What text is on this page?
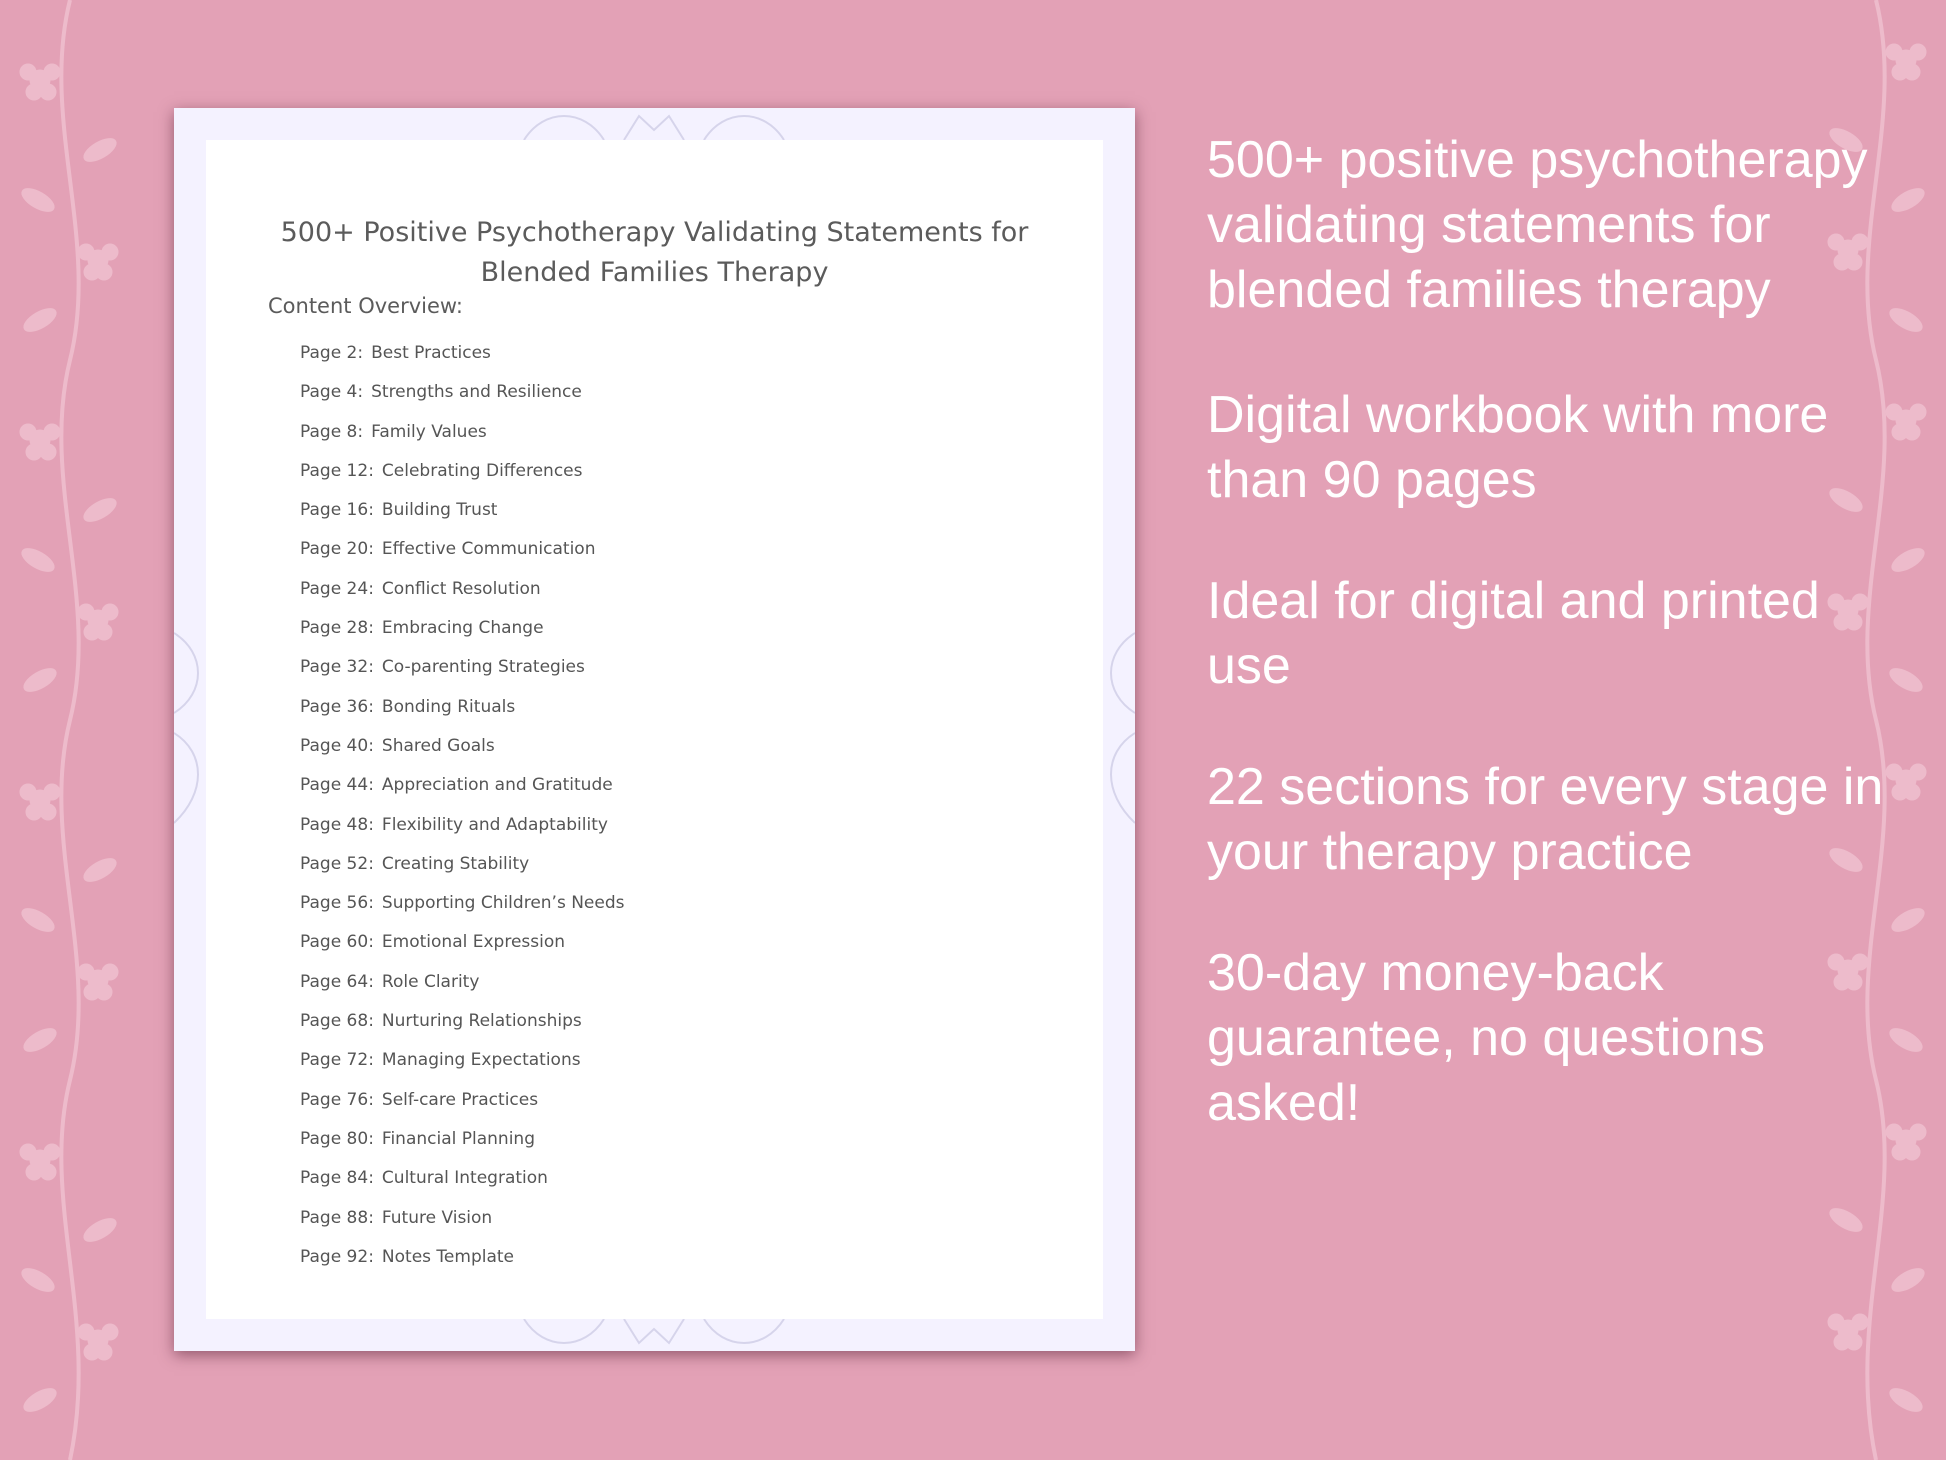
500+ Positive Psychotherapy Validating Statements for
Blended Families Therapy
Content Overview:
Page 2: Best Practices
Page 4: Strengths and Resilience
Page 8: Family Values
Page 12: Celebrating Differences
Page 16: Building Trust
Page 20: Effective Communication
Page 24: Conflict Resolution
Page 28: Embracing Change
Page 32: Co-parenting Strategies
Page 36: Bonding Rituals
Page 40: Shared Goals
Page 44: Appreciation and Gratitude
Page 48: Flexibility and Adaptability
Page 52: Creating Stability
Page 56: Supporting Children’s Needs
Page 60: Emotional Expression
Page 64: Role Clarity
Page 68: Nurturing Relationships
Page 72: Managing Expectations
Page 76: Self-care Practices
Page 80: Financial Planning
Page 84: Cultural Integration
Page 88: Future Vision
Page 92: Notes Template

500+ positive psychotherapy validating statements for blended families therapy

Digital workbook with more than 90 pages

Ideal for digital and printed use

22 sections for every stage in your therapy practice

30-day money-back guarantee, no questions asked!
